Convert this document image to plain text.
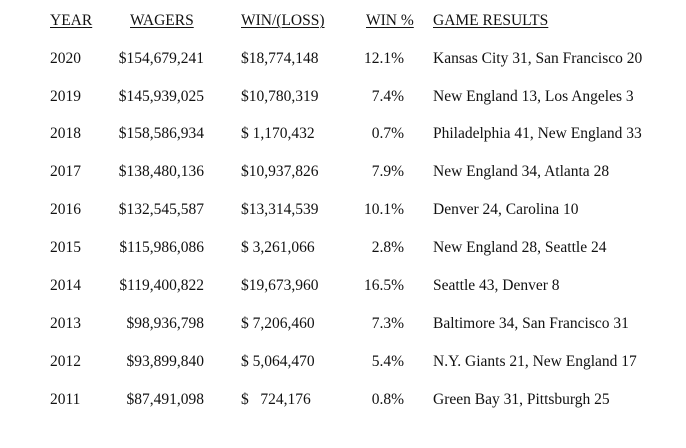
YEAR WAGERS	WIN/(LOSS)	WIN % GAME RESULTS
2020	$154,679,241 $18,774,148	12.1% Kansas City 31, San Francisco 20
2019	$145,939,025 $10,780,319	7.4% New England 13, Los Angeles 3
2018	$158,586,934 $ 1,170,432	0.7% Philadelphia 41, New England 33
2017	$138,480,136 $10,937,826	7.9% New England 34, Atlanta 28
2016	$132,545,587 $13,314,539	10.1% Denver 24, Carolina 10
2015	$115,986,086 $ 3,261,066	2.8% New England 28, Seattle 24
2014	$119,400,822 $19,673,960	16.5% Seattle 43, Denver 8
2013	$98,936,798 $ 7,206,460	7.3% Baltimore 34, San Francisco 31
2012	$93,899,840 $ 5,064,470	5.4% N.Y. Giants 21, New England 17
2011	$87,491,098 $   724,176	0.8% Green Bay 31, Pittsburgh 25
